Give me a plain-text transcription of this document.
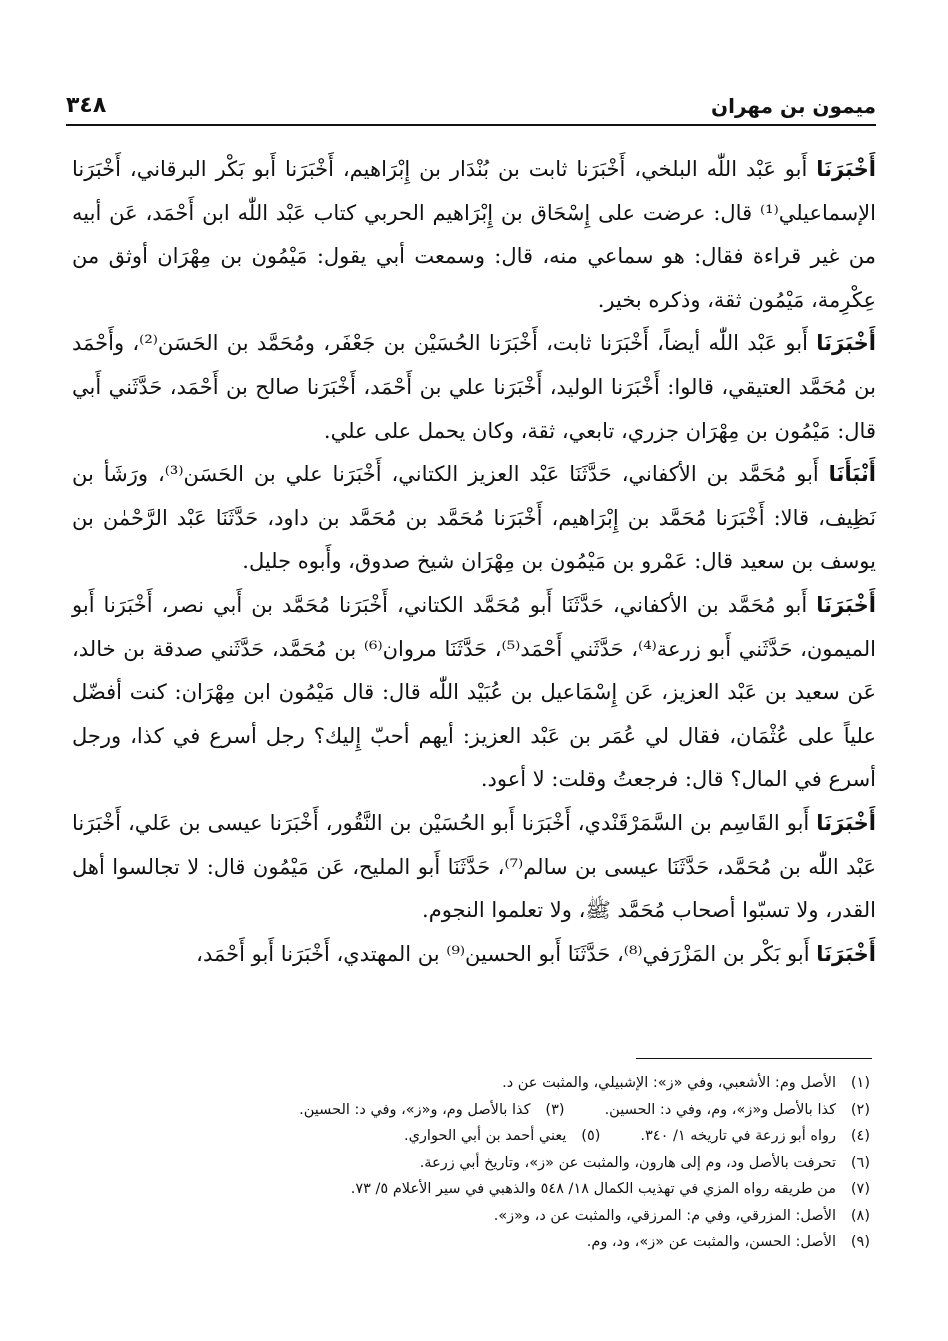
ميمون بن مهران
٣٤٨

أَخْبَرَنَا أَبو عَبْد اللّٰه البلخي، أَخْبَرَنا ثابت بن بُنْدَار بن إِبْرَاهيم، أَخْبَرَنا أَبو بَكْر البرقاني، أَخْبَرَنا الإسماعيلي⁽¹⁾ قال: عرضت على إِسْحَاق بن إِبْرَاهيم الحربي كتاب عَبْد اللّٰه ابن أَحْمَد، عَن أبيه من غير قراءة فقال: هو سماعي منه، قال: وسمعت أبي يقول: مَيْمُون بن مِهْرَان أوثق من عِكْرِمة، مَيْمُون ثقة، وذكره بخير.

أَخْبَرَنَا أَبو عَبْد اللّٰه أيضاً، أَخْبَرَنا ثابت، أَخْبَرَنا الحُسَيْن بن جَعْفَر، ومُحَمَّد بن الحَسَن⁽²⁾، وأَحْمَد بن مُحَمَّد العتيقي، قالوا: أَخْبَرَنا الوليد، أَخْبَرَنا علي بن أَحْمَد، أَخْبَرَنا صالح بن أَحْمَد، حَدَّثَني أَبي قال: مَيْمُون بن مِهْرَان جزري، تابعي، ثقة، وكان يحمل على علي.

أَنْبَأَنَا أَبو مُحَمَّد بن الأكفاني، حَدَّثَنَا عَبْد العزيز الكتاني، أَخْبَرَنا علي بن الحَسَن⁽³⁾، ورَشَأ بن نَظِيف، قالا: أَخْبَرَنا مُحَمَّد بن إِبْرَاهيم، أَخْبَرَنا مُحَمَّد بن مُحَمَّد بن داود، حَدَّثَنَا عَبْد الرَّحْمٰن بن يوسف بن سعيد قال: عَمْرو بن مَيْمُون بن مِهْرَان شيخ صدوق، وأَبوه جليل.

أَخْبَرَنَا أَبو مُحَمَّد بن الأكفاني، حَدَّثَنَا أَبو مُحَمَّد الكتاني، أَخْبَرَنا مُحَمَّد بن أَبي نصر، أَخْبَرَنا أَبو الميمون، حَدَّثَني أَبو زرعة⁽⁴⁾، حَدَّثَني أَحْمَد⁽⁵⁾، حَدَّثَنَا مروان⁽⁶⁾ بن مُحَمَّد، حَدَّثَني صدقة بن خالد، عَن سعيد بن عَبْد العزيز، عَن إِسْمَاعيل بن عُبَيْد اللّٰه قال: قال مَيْمُون ابن مِهْرَان: كنت أفضّل علياً على عُثْمَان، فقال لي عُمَر بن عَبْد العزيز: أيهم أحبّ إِليك؟ رجل أسرع في كذا، ورجل أسرع في المال؟ قال: فرجعتُ وقلت: لا أعود.

أَخْبَرَنَا أَبو القَاسِم بن السَّمَرْقَنْدي، أَخْبَرَنا أَبو الحُسَيْن بن النَّقُور، أَخْبَرَنا عيسى بن عَلي، أَخْبَرَنا عَبْد اللّٰه بن مُحَمَّد، حَدَّثَنَا عيسى بن سالم⁽⁷⁾، حَدَّثَنَا أَبو المليح، عَن مَيْمُون قال: لا تجالسوا أهل القدر، ولا تسبّوا أصحاب مُحَمَّد ﷺ، ولا تعلموا النجوم.

أَخْبَرَنَا أَبو بَكْر بن المَزْرَفي⁽⁸⁾، حَدَّثَنَا أَبو الحسين⁽⁹⁾ بن المهتدي، أَخْبَرَنا أَبو أَحْمَد،

(١)
الأصل وم: الأشعبي، وفي «ز»: الإشبيلي، والمثبت عن د.
(٢)
كذا بالأصل و«ز»، وم، وفي د: الحسين.
(٣)
كذا بالأصل وم، و«ز»، وفي د: الحسين.
(٤)
رواه أبو زرعة في تاريخه ١/ ٣٤٠.
(٥)
يعني أحمد بن أبي الحواري.
(٦)
تحرفت بالأصل ود، وم إلى هارون، والمثبت عن «ز»، وتاريخ أبي زرعة.
(٧)
من طريقه رواه المزي في تهذيب الكمال ١٨/ ٥٤٨ والذهبي في سير الأعلام ٥/ ٧٣.
(٨)
الأصل: المزرقي، وفي م: المرزقي، والمثبت عن د، و«ز».
(٩)
الأصل: الحسن، والمثبت عن «ز»، ود، وم.
